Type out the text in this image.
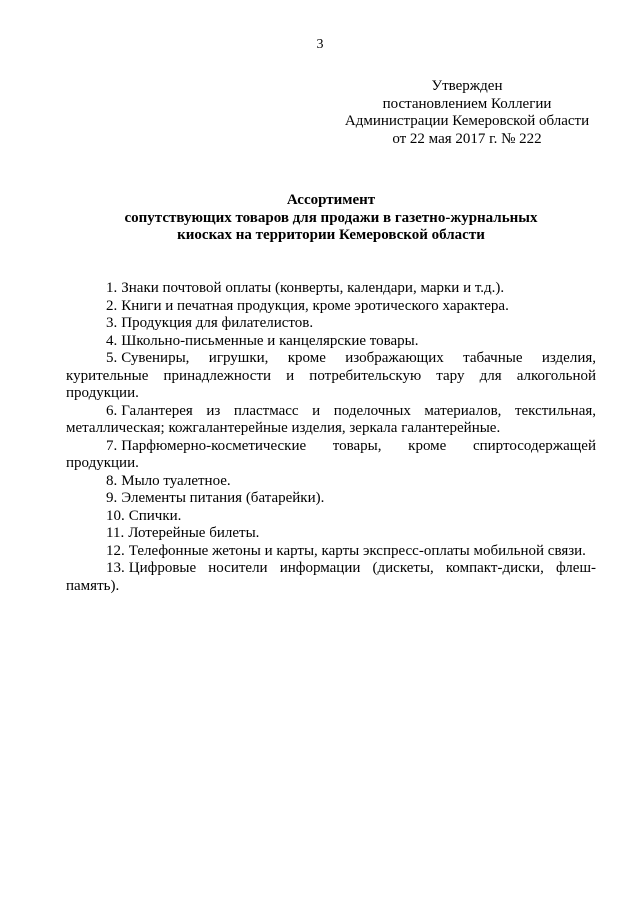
3
Утвержден
постановлением Коллегии
Администрации Кемеровской области
от 22 мая 2017 г. № 222
Ассортимент
сопутствующих товаров для продажи в газетно-журнальных
киосках на территории Кемеровской области

1. Знаки почтовой оплаты (конверты, календари, марки и т.д.).

2. Книги и печатная продукция, кроме эротического характера.

3. Продукция для филателистов.

4. Школьно-письменные и канцелярские товары.

5. Сувениры, игрушки, кроме изображающих табачные изделия, курительные принадлежности и потребительскую тару для алкогольной продукции.

6. Галантерея из пластмасс и поделочных материалов, текстильная, металлическая; кожгалантерейные изделия, зеркала галантерейные.

7. Парфюмерно-косметические товары, кроме спиртосодержащей продукции.

8. Мыло туалетное.

9. Элементы питания (батарейки).

10. Спички.

11. Лотерейные билеты.

12. Телефонные жетоны и карты, карты экспресс-оплаты мобильной связи.

13. Цифровые носители информации (дискеты, компакт-диски, флеш-память).
